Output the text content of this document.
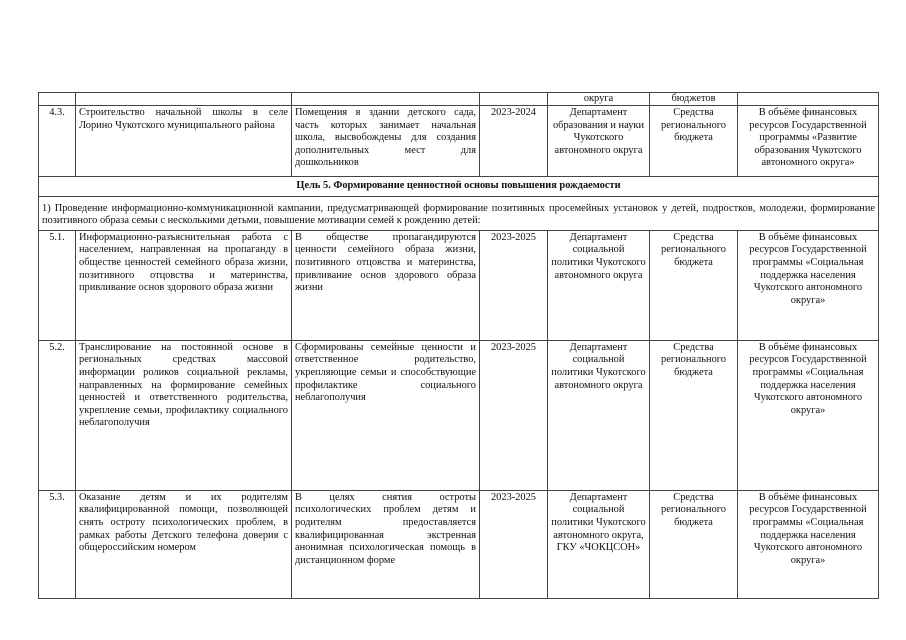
				округа	бюджетов	
4.3.	Строительство начальной школы в селе Лорино Чукотского муниципального района	Помещения в здании детского сада, часть которых занимает начальная школа, высвобождены для создания дополнительных мест для дошкольников	2023-2024	Департамент образования и науки Чукотского автономного округа	Средства регионального бюджета	В объёме финансовых ресурсов Государственной программы «Развитие образования Чукотского автономного округа»
Цель 5. Формирование ценностной основы повышения рождаемости						
1) Проведение информационно-коммуникационной кампании, предусматривающей формирование позитивных просемейных установок у детей, подростков, молодежи, формирование позитивного образа семьи с несколькими детьми, повышение мотивации семей к рождению детей:						
5.1.	Информационно-разъяснительная работа с населением, направленная на пропаганду в обществе ценностей семейного образа жизни, позитивного отцовства и материнства, привливание основ здорового образа жизни	В обществе пропагандируются ценности семейного образа жизни, позитивного отцовства и материнства, привливание основ здорового образа жизни	2023-2025	Департамент социальной политики Чукотского автономного округа	Средства регионального бюджета	В объёме финансовых ресурсов Государственной программы «Социальная поддержка населения Чукотского автономного округа»
5.2.	Транслирование на постоянной основе в региональных средствах массовой информации роликов социальной рекламы, направленных на формирование семейных ценностей и ответственного родительства, укрепление семьи, профилактику социального неблагополучия	Сформированы семейные ценности и ответственное родительство, укрепляющие семьи и способствующие профилактике социального неблагополучия	2023-2025	Департамент социальной политики Чукотского автономного округа	Средства регионального бюджета	В объёме финансовых ресурсов Государственной программы «Социальная поддержка населения Чукотского автономного округа»
5.3.	Оказание детям и их родителям квалифицированной помощи, позволяющей снять остроту психологических проблем, в рамках работы Детского телефона доверия с общероссийским номером	В целях снятия остроты психологических проблем детям и родителям предоставляется квалифицированная экстренная анонимная психологическая помощь в дистанционном форме	2023-2025	Департамент социальной политики Чукотского автономного округа, ГКУ «ЧОКЦСОН»	Средства регионального бюджета	В объёме финансовых ресурсов Государственной программы «Социальная поддержка населения Чукотского автономного округа»
